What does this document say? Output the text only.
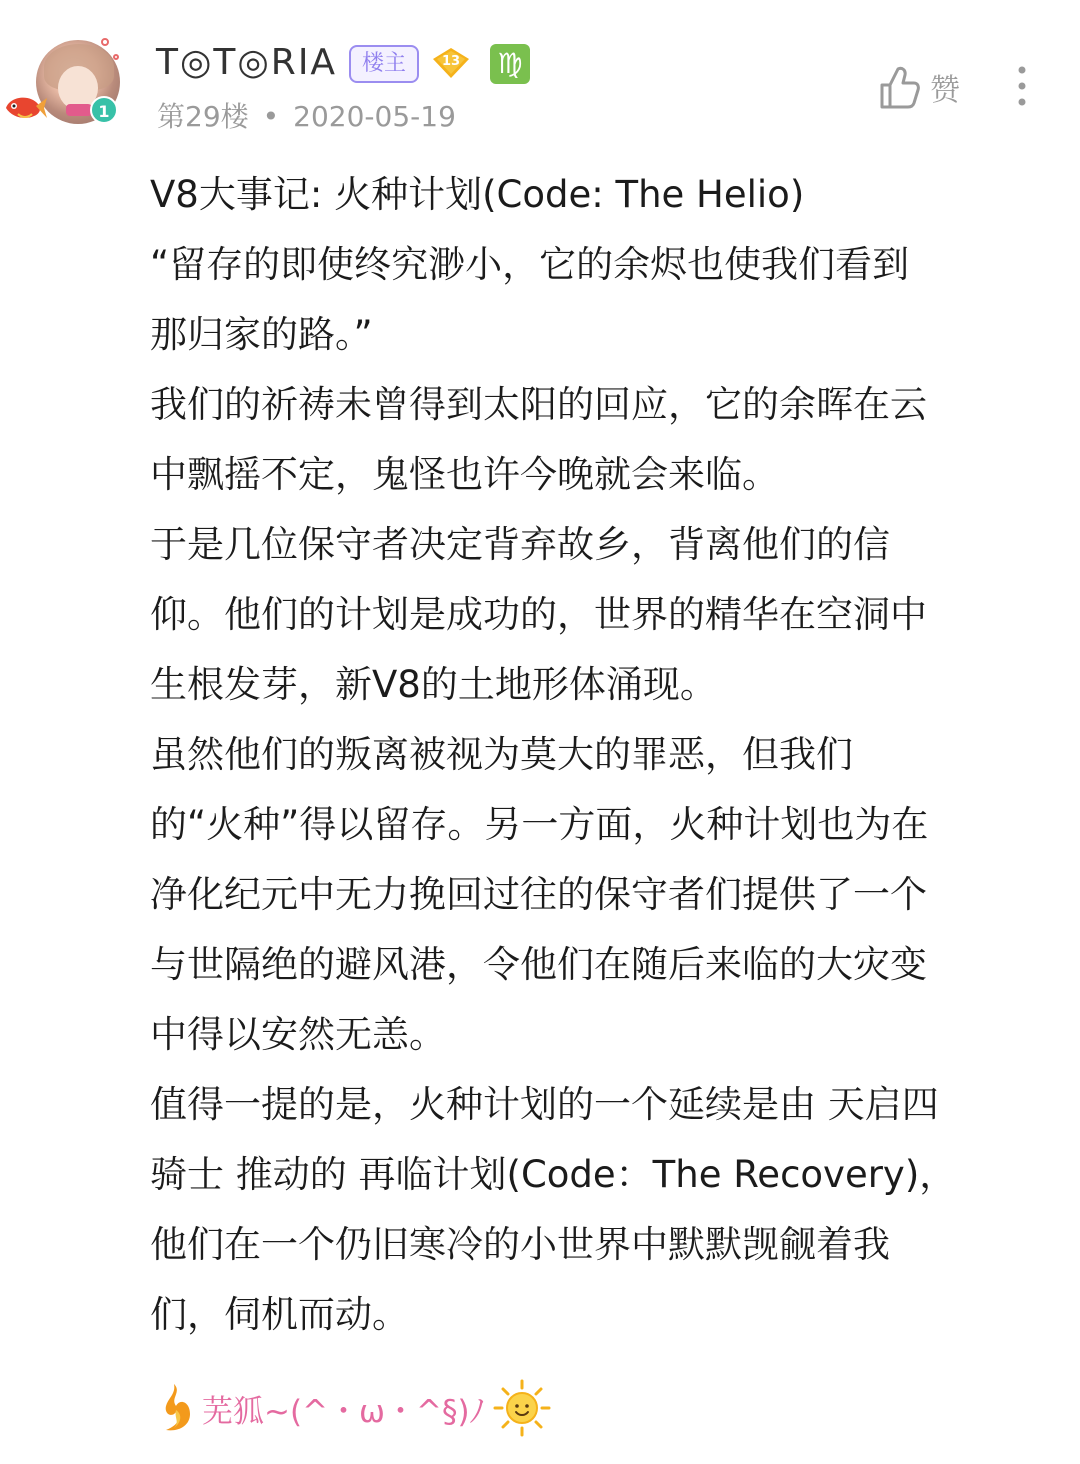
1
T◎T◎RIA	楼主	13 ♍
第29楼 • 2020-05-19
赞
V8大事记: 火种计划(Code: The Helio)
“留存的即使终究渺小，它的余烬也使我们看到
那归家的路。”
我们的祈祷未曾得到太阳的回应，它的余晖在云
中飘摇不定，鬼怪也许今晚就会来临。
于是几位保守者决定背弃故乡，背离他们的信
仰。他们的计划是成功的，世界的精华在空洞中
生根发芽，新V8的土地形体涌现。
虽然他们的叛离被视为莫大的罪恶，但我们
的“火种”得以留存。另一方面，火种计划也为在
净化纪元中无力挽回过往的保守者们提供了一个
与世隔绝的避风港，令他们在随后来临的大灾变
中得以安然无恙。
值得一提的是，火种计划的一个延续是由 天启四
骑士 推动的 再临计划(Code：The Recovery)，
他们在一个仍旧寒冷的小世界中默默觊觎着我
们，伺机而动。
芜狐~(^・ω・^§)ﾉ
